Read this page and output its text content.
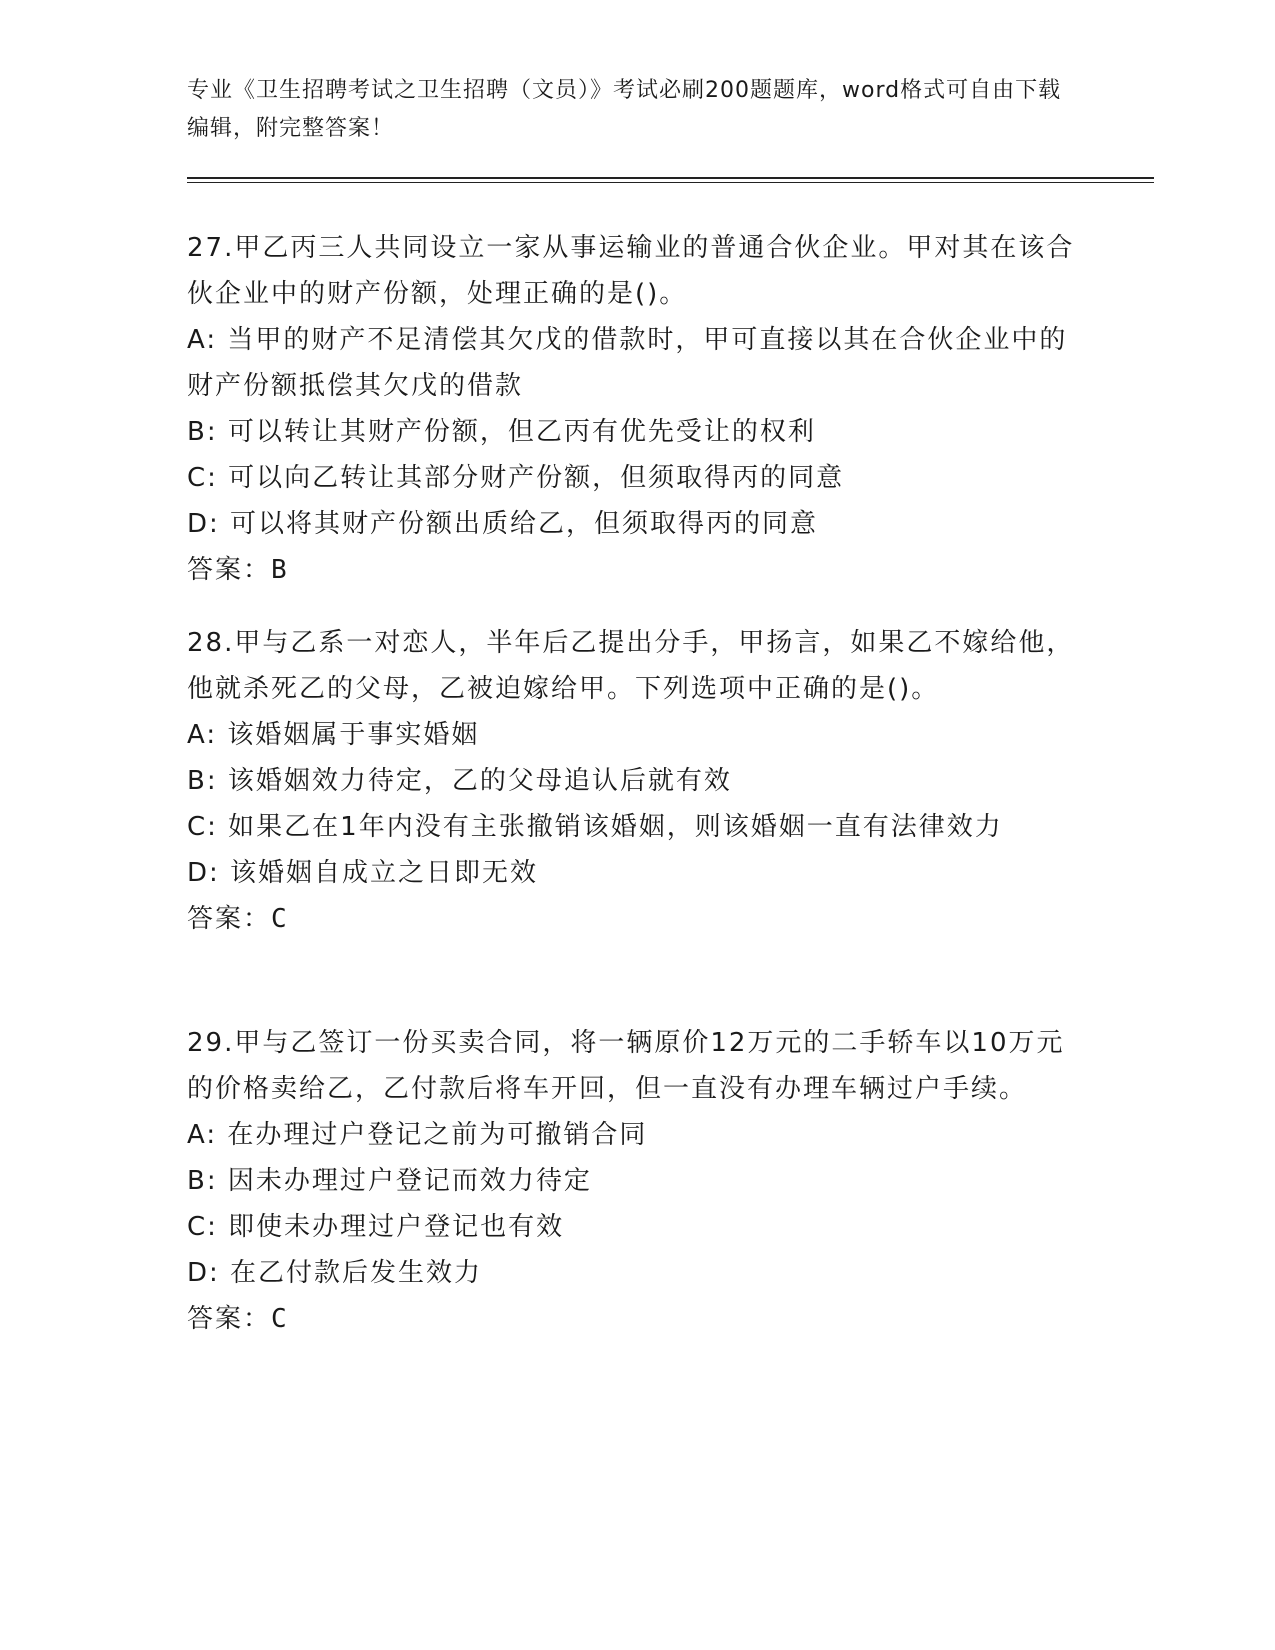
专业《卫生招聘考试之卫生招聘（文员）》考试必刷200题题库，word格式可自由下载编辑，附完整答案！

27.甲乙丙三人共同设立一家从事运输业的普通合伙企业。甲对其在该合伙企业中的财产份额，处理正确的是()。

A: 当甲的财产不足清偿其欠戊的借款时，甲可直接以其在合伙企业中的财产份额抵偿其欠戊的借款

B: 可以转让其财产份额，但乙丙有优先受让的权利

C: 可以向乙转让其部分财产份额，但须取得丙的同意

D: 可以将其财产份额出质给乙，但须取得丙的同意

答案：B

28.甲与乙系一对恋人，半年后乙提出分手，甲扬言，如果乙不嫁给他，他就杀死乙的父母，乙被迫嫁给甲。下列选项中正确的是()。

A: 该婚姻属于事实婚姻

B: 该婚姻效力待定，乙的父母追认后就有效

C: 如果乙在1年内没有主张撤销该婚姻，则该婚姻一直有法律效力

D: 该婚姻自成立之日即无效

答案：C

29.甲与乙签订一份买卖合同，将一辆原价12万元的二手轿车以10万元的价格卖给乙，乙付款后将车开回，但一直没有办理车辆过户手续。

A: 在办理过户登记之前为可撤销合同

B: 因未办理过户登记而效力待定

C: 即使未办理过户登记也有效

D: 在乙付款后发生效力

答案：C
